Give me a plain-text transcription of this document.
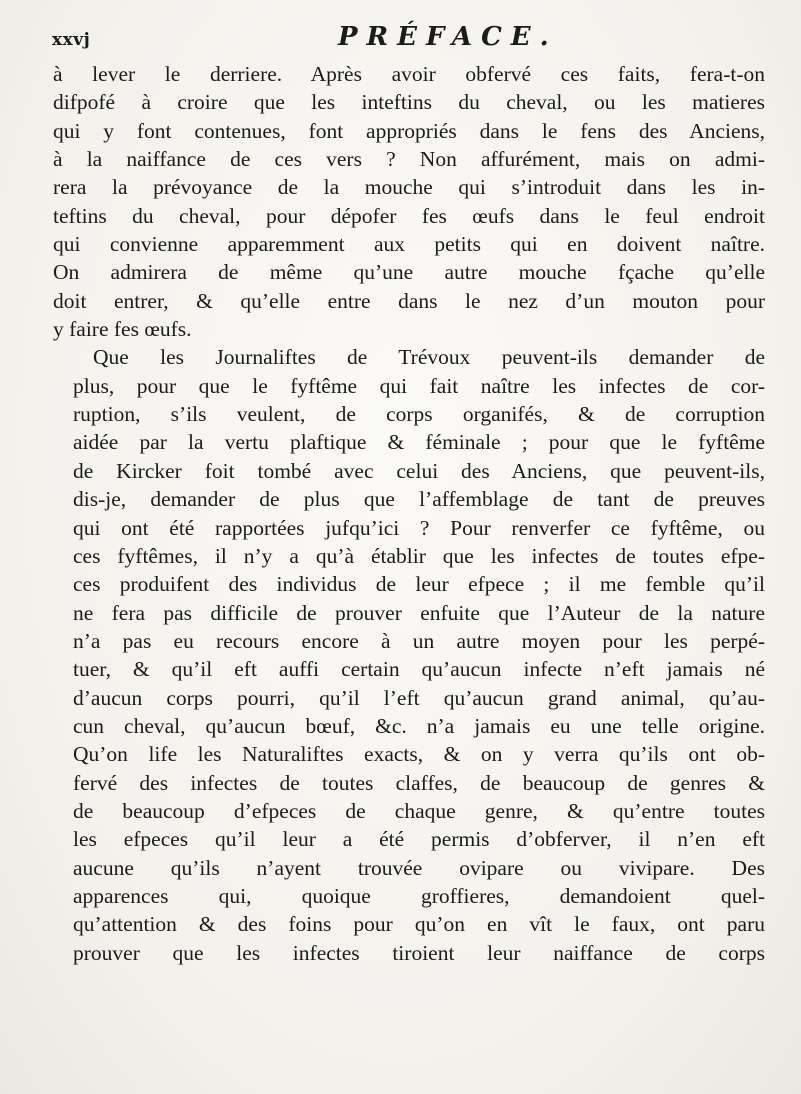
xxvj	PRÉFACE.

à lever le derriere. Après avoir obfervé ces faits, fera-t-on
difpofé à croire que les inteftins du cheval, ou les matieres
qui y font contenues, font appropriés dans le fens des Anciens,
à la naiffance de ces vers ? Non affurément, mais on admi-
rera la prévoyance de la mouche qui s’introduit dans les in-
teftins du cheval, pour dépofer fes œufs dans le feul endroit
qui convienne apparemment aux petits qui en doivent naître.
On admirera de même qu’une autre mouche fçache qu’elle
doit entrer, & qu’elle entre dans le nez d’un mouton pour
y faire fes œufs.

Que les Journaliftes de Trévoux peuvent-ils demander de
plus, pour que le fyftême qui fait naître les infectes de cor-
ruption, s’ils veulent, de corps organifés, & de corruption
aidée par la vertu plaftique & féminale ; pour que le fyftême
de Kircker foit tombé avec celui des Anciens, que peuvent-ils,
dis-je, demander de plus que l’affemblage de tant de preuves
qui ont été rapportées jufqu’ici ? Pour renverfer ce fyftême, ou
ces fyftêmes, il n’y a qu’à établir que les infectes de toutes efpe-
ces produifent des individus de leur efpece ; il me femble qu’il
ne fera pas difficile de prouver enfuite que l’Auteur de la nature
n’a pas eu recours encore à un autre moyen pour les perpé-
tuer, & qu’il eft auffi certain qu’aucun infecte n’eft jamais né
d’aucun corps pourri, qu’il l’eft qu’aucun grand animal, qu’au-
cun cheval, qu’aucun bœuf, &c. n’a jamais eu une telle origine.
Qu’on life les Naturaliftes exacts, & on y verra qu’ils ont ob-
fervé des infectes de toutes claffes, de beaucoup de genres &
de beaucoup d’efpeces de chaque genre, & qu’entre toutes
les efpeces qu’il leur a été permis d’obferver, il n’en eft
aucune qu’ils n’ayent trouvée ovipare ou vivipare. Des
apparences qui, quoique groffieres, demandoient quel-
qu’attention & des foins pour qu’on en vît le faux, ont paru
prouver que les infectes tiroient leur naiffance de corps
